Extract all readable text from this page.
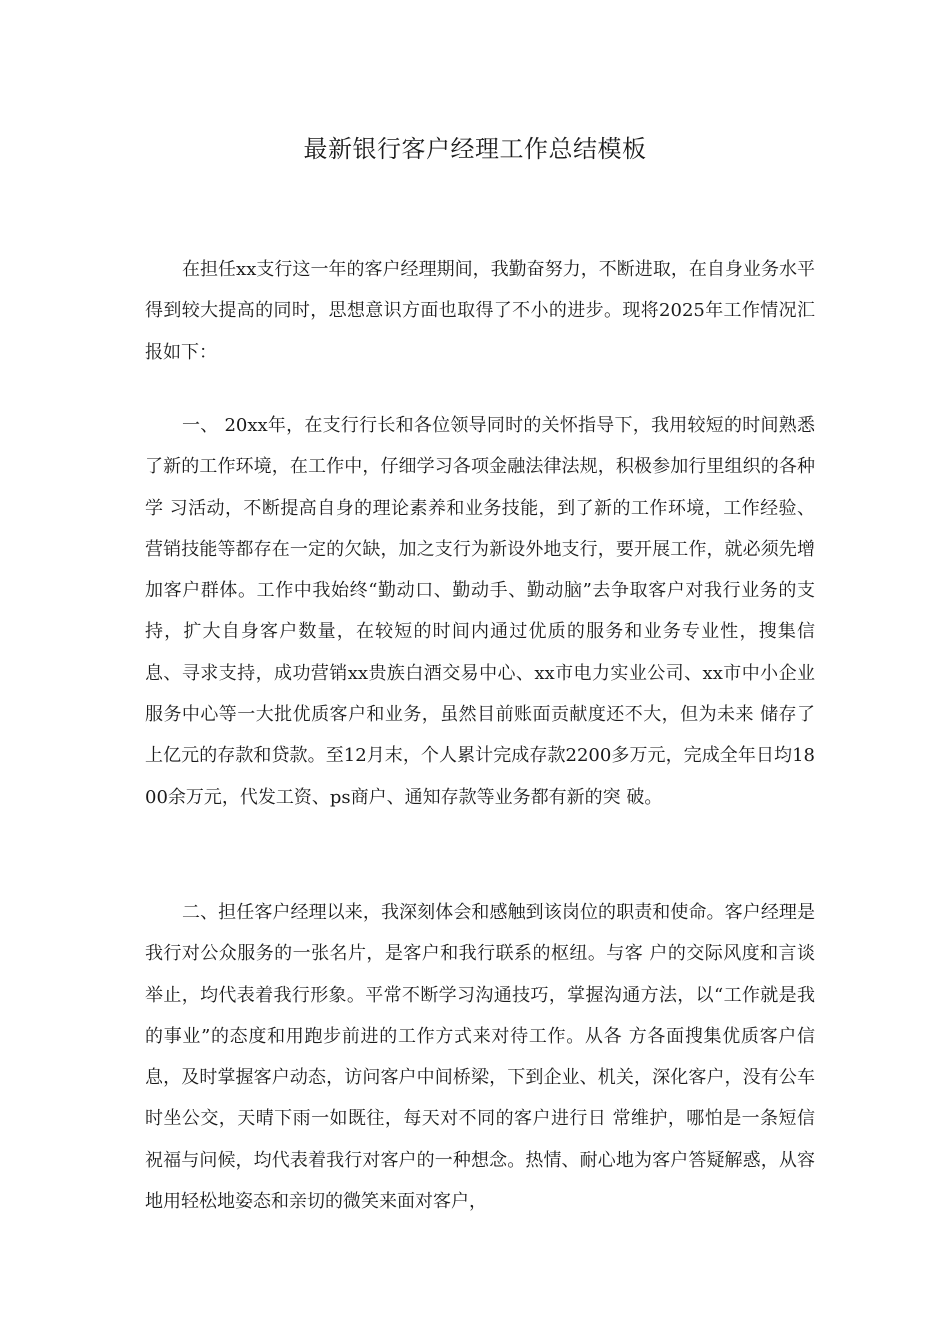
最新银行客户经理工作总结模板

在担任xx支行这一年的客户经理期间，我勤奋努力，不断进取，在自身业务水平得到较大提高的同时，思想意识方面也取得了不小的进步。现将2025年工作情况汇报如下：

一、 20xx年，在支行行长和各位领导同时的关怀指导下，我用较短的时间熟悉了新的工作环境，在工作中，仔细学习各项金融法律法规，积极参加行里组织的各种学 习活动，不断提高自身的理论素养和业务技能，到了新的工作环境，工作经验、营销技能等都存在一定的欠缺，加之支行为新设外地支行，要开展工作，就必须先增 加客户群体。工作中我始终“勤动口、勤动手、勤动脑”去争取客户对我行业务的支持，扩大自身客户数量，在较短的时间内通过优质的服务和业务专业性，搜集信 息、寻求支持，成功营销xx贵族白酒交易中心、xx市电力实业公司、xx市中小企业服务中心等一大批优质客户和业务，虽然目前账面贡献度还不大，但为未来 储存了上亿元的存款和贷款。至12月末，个人累计完成存款2200多万元，完成全年日均1800余万元，代发工资、ps商户、通知存款等业务都有新的突 破。

二、担任客户经理以来，我深刻体会和感触到该岗位的职责和使命。客户经理是我行对公众服务的一张名片，是客户和我行联系的枢纽。与客 户的交际风度和言谈举止，均代表着我行形象。平常不断学习沟通技巧，掌握沟通方法，以“工作就是我的事业”的态度和用跑步前进的工作方式来对待工作。从各 方各面搜集优质客户信息，及时掌握客户动态，访问客户中间桥梁，下到企业、机关，深化客户，没有公车时坐公交，天晴下雨一如既往，每天对不同的客户进行日 常维护，哪怕是一条短信祝福与问候，均代表着我行对客户的一种想念。热情、耐心地为客户答疑解惑，从容地用轻松地姿态和亲切的微笑来面对客户，
